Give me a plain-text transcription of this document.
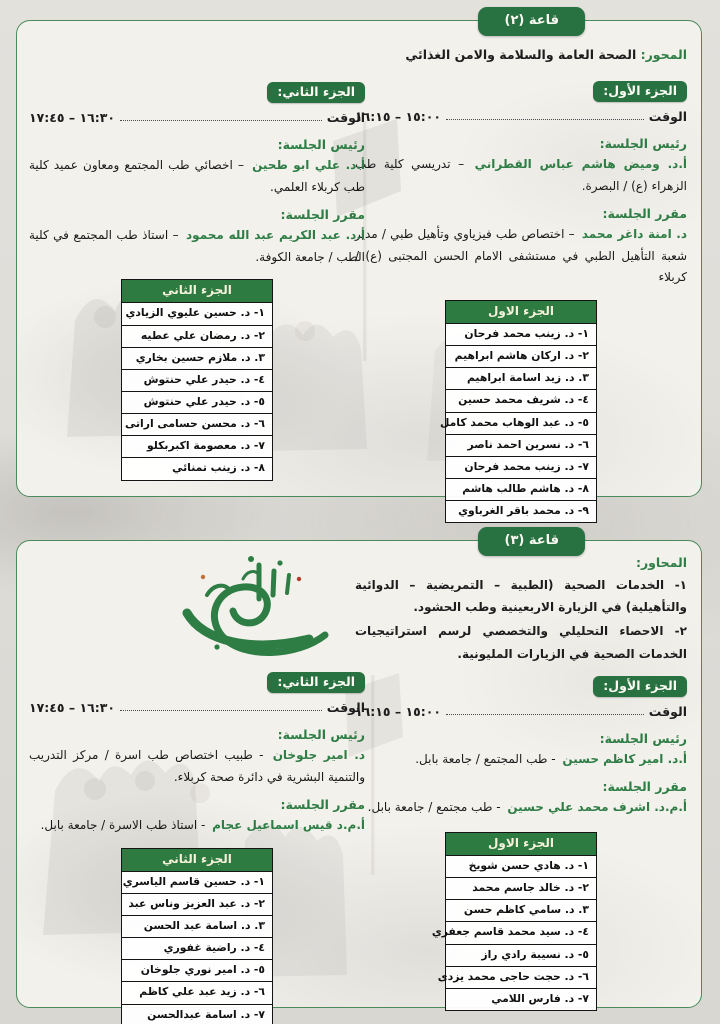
قاعة (٢)
المحور: الصحة العامة والسلامة والامن الغذائي
الجزء الأول:
الوقت
١٥:٠٠ – ١٦:١٥
رئيس الجلسة:
أ.د. وميض هاشم عباس القطراني – تدريسي كلية طب الزهراء (ع) / البصرة.
مقرر الجلسة:
د. امنة داغر محمد – اختصاص طب فيزياوي وتأهيل طبي / مدير شعبة التأهيل الطبي في مستشفى الامام الحسن المجتبى (ع) / كربلاء
الجزء الاول
١- د. زينب محمد فرحان
٢- د. اركان هاشم ابراهيم
٣. د. زيد اسامة ابراهيم
٤- د. شريف محمد حسين
٥- د. عبد الوهاب محمد كامل
٦- د. نسرين احمد ناصر
٧- د. زينب محمد فرحان
٨- د. هاشم طالب هاشم
٩- د. محمد باقر الغرباوي
الجزء الثاني:
الوقت
١٦:٣٠ – ١٧:٤٥
رئيس الجلسة:
أ.د. علي ابو طحين – اخصائي طب المجتمع ومعاون عميد كلية طب كربلاء العلمي.
مقرر الجلسة:
أ.د. عبد الكريم عبد الله محمود – استاذ طب المجتمع في كلية الطب / جامعة الكوفة.
الجزء الثاني
١- د. حسين عليوي الزيادي
٢- د. رمضان علي عطيه
٣. د. ملازم حسين بخاري
٤- د. حيدر علي حنتوش
٥- د. حيدر علي حنتوش
٦- د. محسن حسامى اراتى
٧- د. معصومة اكبربكلو
٨- د. زينب تمنائي
قاعة (٣)
المحاور:
١- الخدمات الصحية (الطبية – التمريضية – الدوائية والتأهيلية) في الزيارة الاربعينية وطب الحشود.
٢- الاحصاء التحليلي والتخصصي لرسم استراتيجيات الخدمات الصحية في الزيارات المليونية.
الجزء الأول:
الوقت
١٥:٠٠ – ١٦:١٥
رئيس الجلسة:
أ.د. امير كاظم حسين - طب المجتمع / جامعة بابل.
مقرر الجلسة:
أ.م.د. اشرف محمد علي حسين - طب مجتمع / جامعة بابل.
الجزء الاول
١- د. هادي حسن شويخ
٢- د. خالد جاسم محمد
٣. د. سامي كاظم حسن
٤- د. سيد محمد قاسم جعفري
٥- د. نسيبة رادي راز
٦- د. حجت حاجى محمد يزدى
٧- د. فارس اللامي
الجزء الثاني:
الوقت
١٦:٣٠ – ١٧:٤٥
رئيس الجلسة:
د. امير جلوخان - طبيب اختصاص طب اسرة / مركز التدريب والتنمية البشرية في دائرة صحة كربلاء.
مقرر الجلسة:
أ.م.د قيس اسماعيل عجام - استاذ طب الاسرة / جامعة بابل.
الجزء الثاني
١- د. حسين قاسم الياسري
٢- د. عبد العزيز وناس عبد
٣. د. اسامة عبد الحسن
٤- د. راضية غفوري
٥- د. امير نوري جلوخان
٦- د. زيد عبد علي كاظم
٧- د. اسامة عبدالحسن
